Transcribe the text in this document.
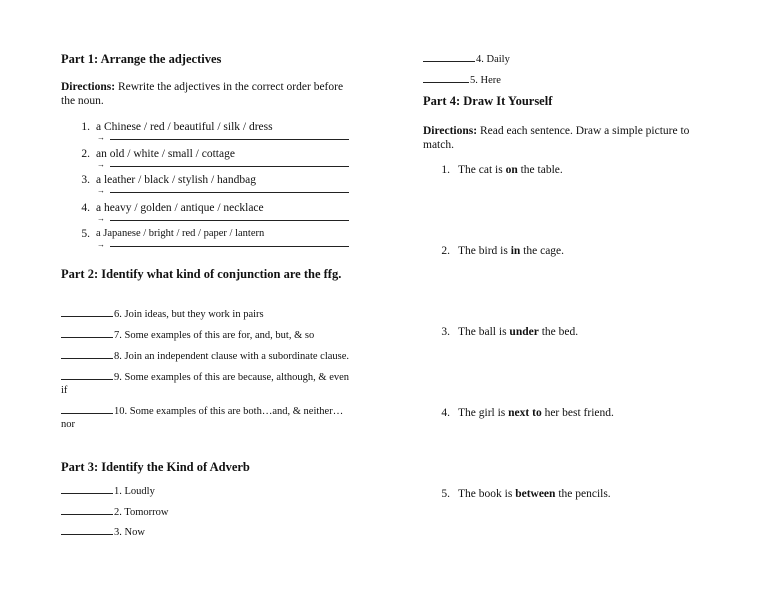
Part 1: Arrange the adjectives
Directions: Rewrite the adjectives in the correct order before the noun.
1. a Chinese / red / beautiful / silk / dress
→
2. an old / white / small / cottage
→
3. a leather / black / stylish / handbag
→
4. a heavy / golden / antique / necklace
→
5. a Japanese / bright / red / paper / lantern
→
Part 2: Identify what kind of conjunction are the ffg.
6. Join ideas, but they work in pairs
7. Some examples of this are for, and, but, & so
8. Join an independent clause with a subordinate clause.
9. Some examples of this are because, although, & even if
10. Some examples of this are both…and, & neither…nor
Part 3: Identify the Kind of Adverb
1. Loudly
2. Tomorrow
3. Now
4. Daily
5. Here
Part 4: Draw It Yourself
Directions: Read each sentence. Draw a simple picture to match.
1. The cat is on the table.
2. The bird is in the cage.
3. The ball is under the bed.
4. The girl is next to her best friend.
5. The book is between the pencils.
